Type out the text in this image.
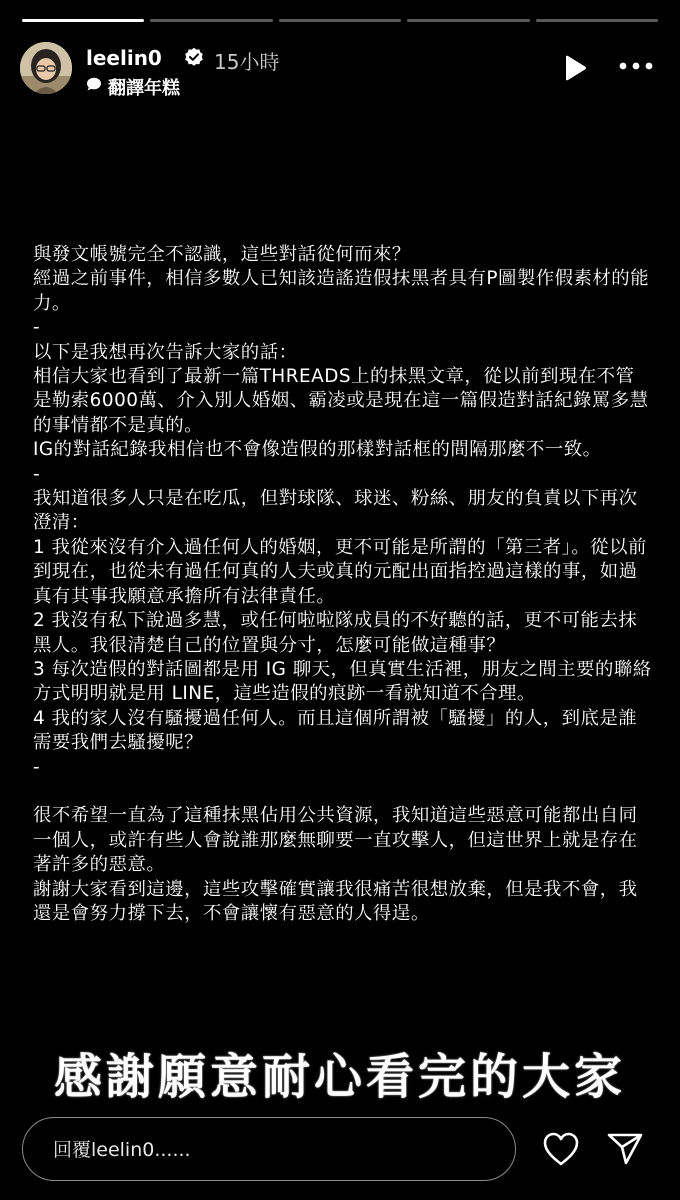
leelin0	15小時
翻譯年糕

與發文帳號完全不認識，這些對話從何而來？

經過之前事件，相信多數人已知該造謠造假抹黑者具有P圖製作假素材的能力。

-

以下是我想再次告訴大家的話：

相信大家也看到了最新一篇THREADS上的抹黑文章，從以前到現在不管是勒索6000萬、介入別人婚姻、霸凌或是現在這一篇假造對話紀錄罵多慧的事情都不是真的。

IG的對話紀錄我相信也不會像造假的那樣對話框的間隔那麼不一致。

-

我知道很多人只是在吃瓜，但對球隊、球迷、粉絲、朋友的負責以下再次澄清：

1 我從來沒有介入過任何人的婚姻，更不可能是所謂的「第三者」。從以前到現在，也從未有過任何真的人夫或真的元配出面指控過這樣的事，如過真有其事我願意承擔所有法律責任。

2 我沒有私下說過多慧，或任何啦啦隊成員的不好聽的話，更不可能去抹黑人。我很清楚自己的位置與分寸，怎麼可能做這種事？

3 每次造假的對話圖都是用 IG 聊天，但真實生活裡，朋友之間主要的聯絡方式明明就是用 LINE，這些造假的痕跡一看就知道不合理。

4 我的家人沒有騷擾過任何人。而且這個所謂被「騷擾」的人，到底是誰需要我們去騷擾呢？

-

很不希望一直為了這種抹黑佔用公共資源，我知道這些惡意可能都出自同一個人，或許有些人會說誰那麼無聊要一直攻擊人，但這世界上就是存在著許多的惡意。

謝謝大家看到這邊，這些攻擊確實讓我很痛苦很想放棄，但是我不會，我還是會努力撐下去，不會讓懷有惡意的人得逞。

感謝願意耐心看完的大家
回覆leelin0......
